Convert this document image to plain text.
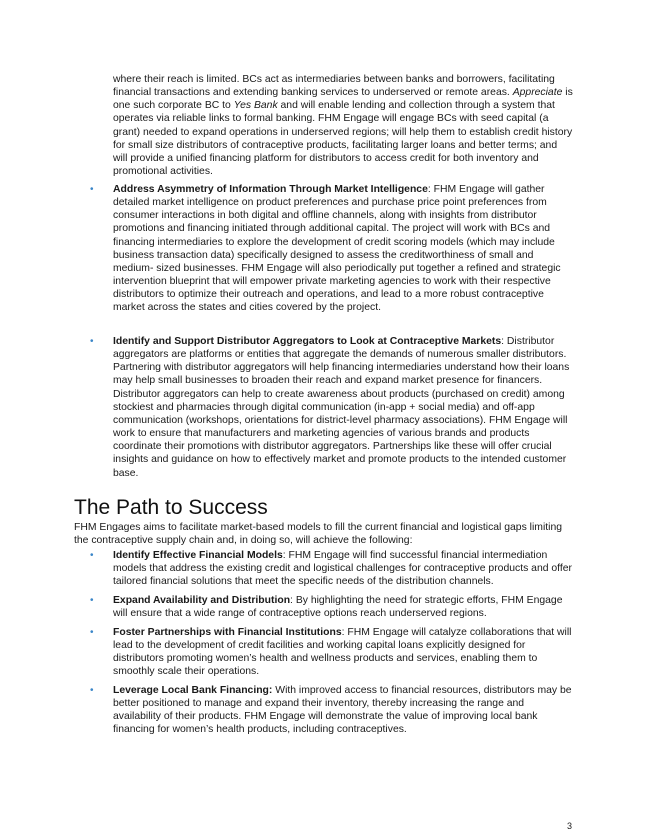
where their reach is limited. BCs act as intermediaries between banks and borrowers, facilitating financial transactions and extending banking services to underserved or remote areas. Appreciate is one such corporate BC to Yes Bank and will enable lending and collection through a system that operates via reliable links to formal banking. FHM Engage will engage BCs with seed capital (a grant) needed to expand operations in underserved regions; will help them to establish credit history for small size distributors of contraceptive products, facilitating larger loans and better terms; and will provide a unified financing platform for distributors to access credit for both inventory and promotional activities.

• Address Asymmetry of Information Through Market Intelligence: FHM Engage will gather detailed market intelligence on product preferences and purchase price point preferences from consumer interactions in both digital and offline channels, along with insights from distributor promotions and financing initiated through additional capital. The project will work with BCs and financing intermediaries to explore the development of credit scoring models (which may include business transaction data) specifically designed to assess the creditworthiness of small and medium- sized businesses. FHM Engage will also periodically put together a refined and strategic intervention blueprint that will empower private marketing agencies to work with their respective distributors to optimize their outreach and operations, and lead to a more robust contraceptive market across the states and cities covered by the project.

• Identify and Support Distributor Aggregators to Look at Contraceptive Markets: Distributor aggregators are platforms or entities that aggregate the demands of numerous smaller distributors. Partnering with distributor aggregators will help financing intermediaries understand how their loans may help small businesses to broaden their reach and expand market presence for financers. Distributor aggregators can help to create awareness about products (purchased on credit) among stockiest and pharmacies through digital communication (in-app + social media) and off-app communication (workshops, orientations for district-level pharmacy associations). FHM Engage will work to ensure that manufacturers and marketing agencies of various brands and products coordinate their promotions with distributor aggregators. Partnerships like these will offer crucial insights and guidance on how to effectively market and promote products to the intended customer base.

The Path to Success

FHM Engages aims to facilitate market-based models to fill the current financial and logistical gaps limiting the contraceptive supply chain and, in doing so, will achieve the following:

• Identify Effective Financial Models: FHM Engage will find successful financial intermediation models that address the existing credit and logistical challenges for contraceptive products and offer tailored financial solutions that meet the specific needs of the distribution channels.

• Expand Availability and Distribution: By highlighting the need for strategic efforts, FHM Engage will ensure that a wide range of contraceptive options reach underserved regions.

• Foster Partnerships with Financial Institutions: FHM Engage will catalyze collaborations that will lead to the development of credit facilities and working capital loans explicitly designed for distributors promoting women’s health and wellness products and services, enabling them to smoothly scale their operations.

• Leverage Local Bank Financing: With improved access to financial resources, distributors may be better positioned to manage and expand their inventory, thereby increasing the range and availability of their products. FHM Engage will demonstrate the value of improving local bank financing for women’s health products, including contraceptives.

3
